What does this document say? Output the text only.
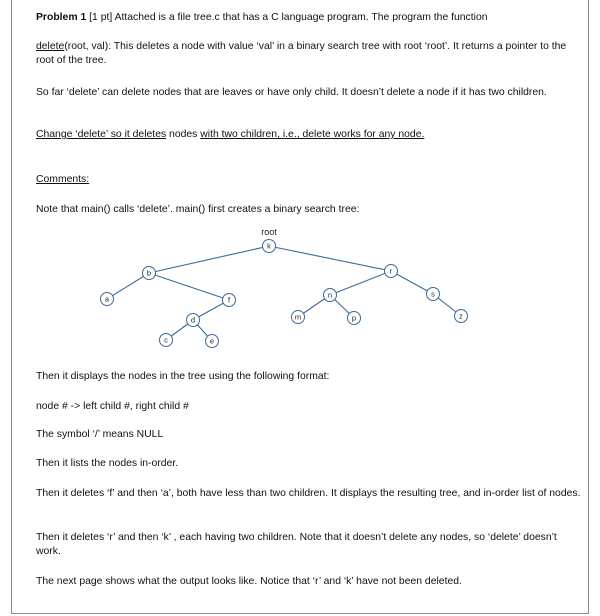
Problem 1 [1 pt] Attached is a file tree.c that has a C language program. The program the function

delete(root, val): This deletes a node with value ‘val’ in a binary search tree with root ‘root’. It returns a pointer to the root of the tree.

So far ‘delete’ can delete nodes that are leaves or have only child. It doesn’t delete a node if it has two children.

Change ‘delete’ so it deletes nodes with two children, i.e., delete works for any node.

Comments:

Note that main() calls ‘delete’. main() first creates a binary search tree:

root
k
b	r
a	f
d
c	e
n
m	p
s
z

Then it displays the nodes in the tree using the following format:

node # -> left child #, right child #

The symbol ‘/’ means NULL

Then it lists the nodes in-order.

Then it deletes ‘f’ and then ‘a’, both have less than two children. It displays the resulting tree, and in-order list of nodes.

Then it deletes ‘r’ and then ‘k’ , each having two children. Note that it doesn’t delete any nodes, so ‘delete’ doesn’t work.

The next page shows what the output looks like. Notice that ‘r’ and ‘k’ have not been deleted.
